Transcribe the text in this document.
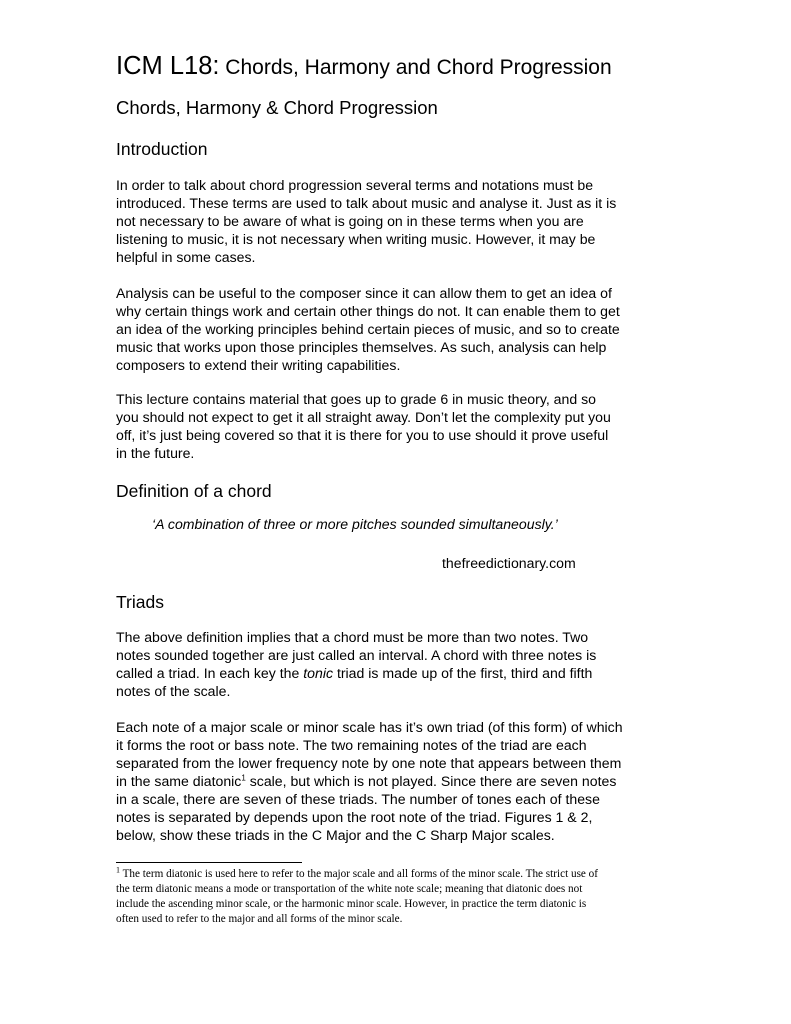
ICM L18: Chords, Harmony and Chord Progression
Chords, Harmony & Chord Progression
Introduction

In order to talk about chord progression several terms and notations must be
introduced. These terms are used to talk about music and analyse it. Just as it is
not necessary to be aware of what is going on in these terms when you are
listening to music, it is not necessary when writing music. However, it may be
helpful in some cases.

Analysis can be useful to the composer since it can allow them to get an idea of
why certain things work and certain other things do not. It can enable them to get
an idea of the working principles behind certain pieces of music, and so to create
music that works upon those principles themselves. As such, analysis can help
composers to extend their writing capabilities.

This lecture contains material that goes up to grade 6 in music theory, and so
you should not expect to get it all straight away. Don’t let the complexity put you
off, it’s just being covered so that it is there for you to use should it prove useful
in the future.

Definition of a chord

‘A combination of three or more pitches sounded simultaneously.’

thefreedictionary.com

Triads

The above definition implies that a chord must be more than two notes. Two
notes sounded together are just called an interval. A chord with three notes is
called a triad. In each key the tonic triad is made up of the first, third and fifth
notes of the scale.

Each note of a major scale or minor scale has it’s own triad (of this form) of which
it forms the root or bass note. The two remaining notes of the triad are each
separated from the lower frequency note by one note that appears between them
in the same diatonic$^1$ scale, but which is not played. Since there are seven notes
in a scale, there are seven of these triads. The number of tones each of these
notes is separated by depends upon the root note of the triad. Figures 1 & 2,
below, show these triads in the C Major and the C Sharp Major scales.

$^1$ The term diatonic is used here to refer to the major scale and all forms of the minor scale. The strict use of
the term diatonic means a mode or transportation of the white note scale; meaning that diatonic does not
include the ascending minor scale, or the harmonic minor scale. However, in practice the term diatonic is
often used to refer to the major and all forms of the minor scale.
